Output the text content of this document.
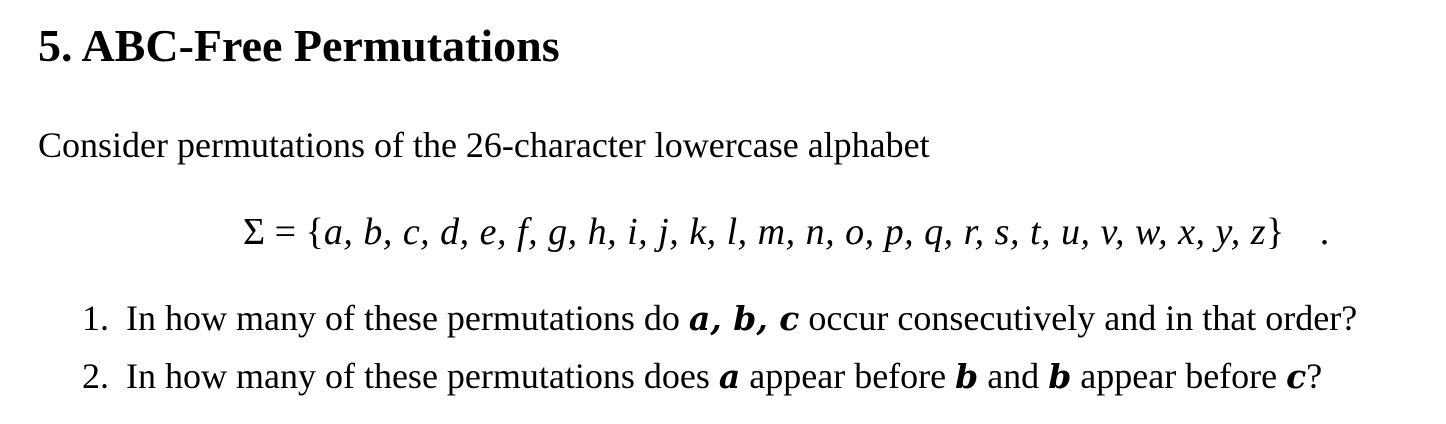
5. ABC-Free Permutations

Consider permutations of the 26-character lowercase alphabet

Σ = {a, b, c, d, e, f, g, h, i, j, k, l, m, n, o, p, q, r, s, t, u, v, w, x, y, z} .

1. In how many of these permutations do a, b, c occur consecutively and in that order?

2. In how many of these permutations does a appear before b and b appear before c?
